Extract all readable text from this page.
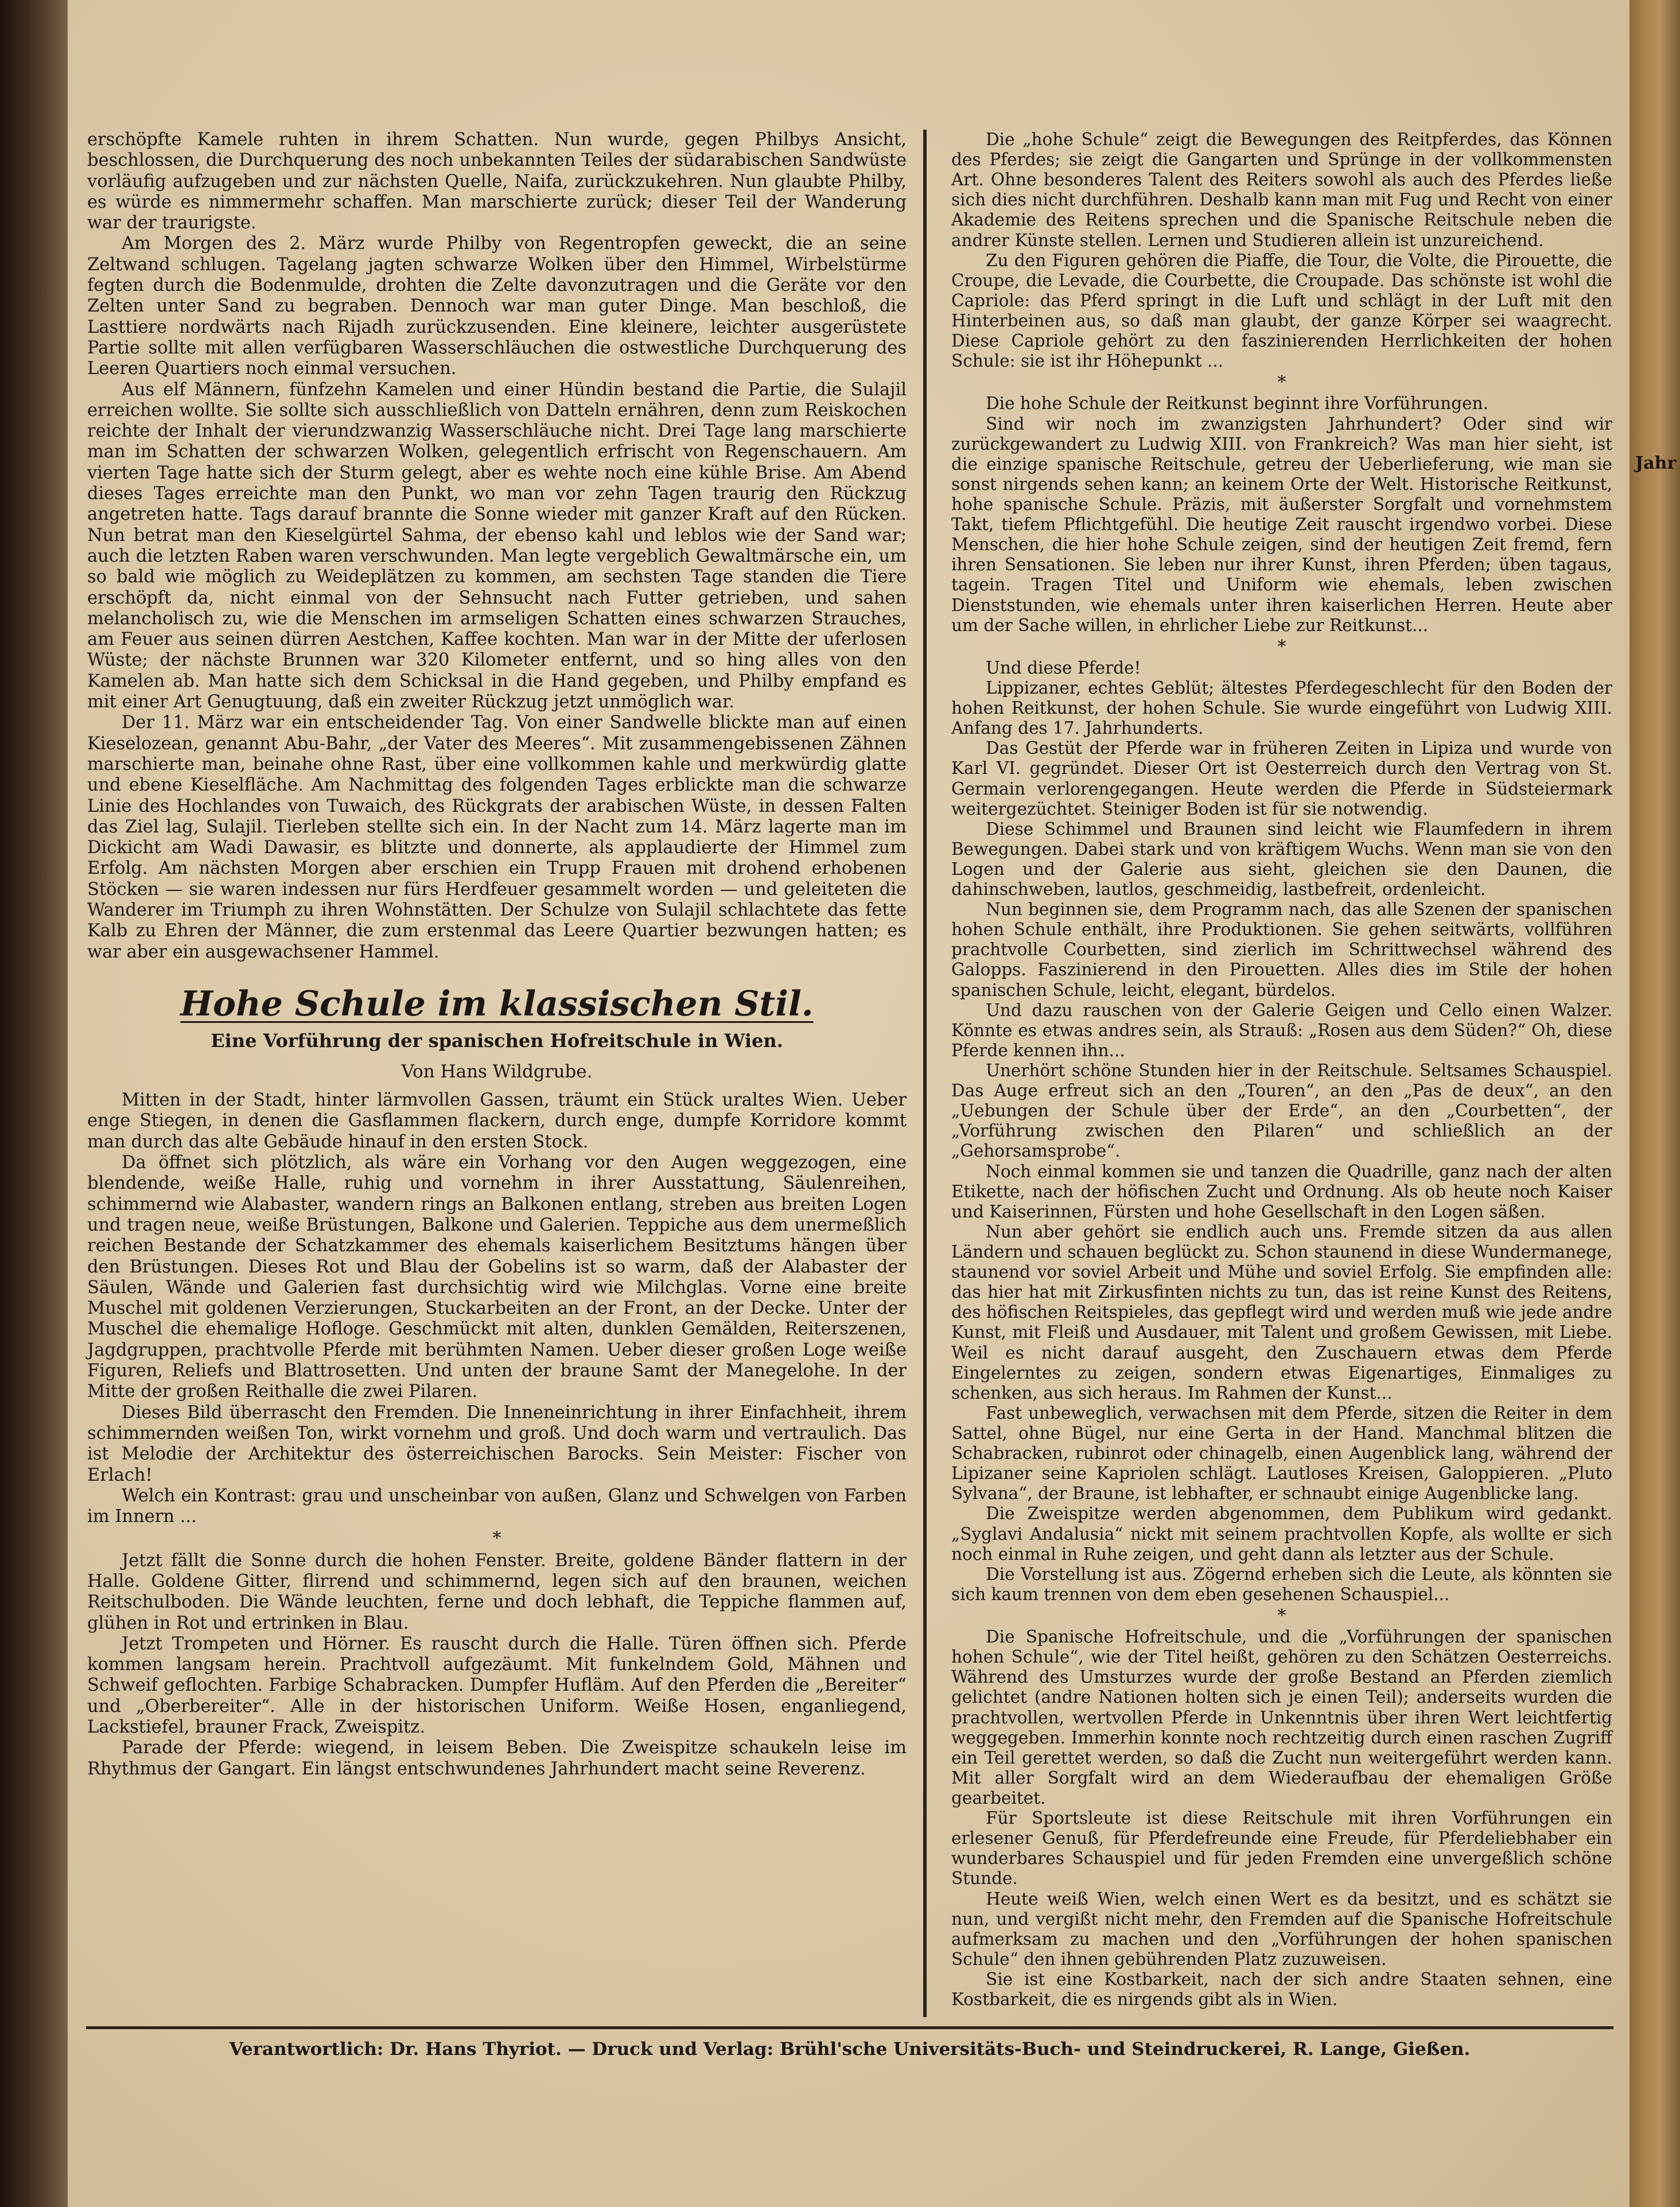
erschöpfte Kamele ruhten in ihrem Schatten. Nun wurde, gegen Philbys Ansicht, beschlossen, die Durchquerung des noch unbekannten Teiles der südarabischen Sandwüste vorläufig aufzugeben und zur nächsten Quelle, Naifa, zurückzukehren. Nun glaubte Philby, es würde es nimmermehr schaffen. Man marschierte zurück; dieser Teil der Wanderung war der traurigste.

Am Morgen des 2. März wurde Philby von Regentropfen geweckt, die an seine Zeltwand schlugen. Tagelang jagten schwarze Wolken über den Himmel, Wirbelstürme fegten durch die Bodenmulde, drohten die Zelte davonzutragen und die Geräte vor den Zelten unter Sand zu begraben. Dennoch war man guter Dinge. Man beschloß, die Lasttiere nordwärts nach Rijadh zurückzusenden. Eine kleinere, leichter ausgerüstete Partie sollte mit allen verfügbaren Wasserschläuchen die ostwestliche Durchquerung des Leeren Quartiers noch einmal versuchen.

Aus elf Männern, fünfzehn Kamelen und einer Hündin bestand die Partie, die Sulajil erreichen wollte. Sie sollte sich ausschließlich von Datteln ernähren, denn zum Reiskochen reichte der Inhalt der vierundzwanzig Wasserschläuche nicht. Drei Tage lang marschierte man im Schatten der schwarzen Wolken, gelegentlich erfrischt von Regenschauern. Am vierten Tage hatte sich der Sturm gelegt, aber es wehte noch eine kühle Brise. Am Abend dieses Tages erreichte man den Punkt, wo man vor zehn Tagen traurig den Rückzug angetreten hatte. Tags darauf brannte die Sonne wieder mit ganzer Kraft auf den Rücken. Nun betrat man den Kieselgürtel Sahma, der ebenso kahl und leblos wie der Sand war; auch die letzten Raben waren verschwunden. Man legte vergeblich Gewaltmärsche ein, um so bald wie möglich zu Weideplätzen zu kommen, am sechsten Tage standen die Tiere erschöpft da, nicht einmal von der Sehnsucht nach Futter getrieben, und sahen melancholisch zu, wie die Menschen im armseligen Schatten eines schwarzen Strauches, am Feuer aus seinen dürren Aestchen, Kaffee kochten. Man war in der Mitte der uferlosen Wüste; der nächste Brunnen war 320 Kilometer entfernt, und so hing alles von den Kamelen ab. Man hatte sich dem Schicksal in die Hand gegeben, und Philby empfand es mit einer Art Genugtuung, daß ein zweiter Rückzug jetzt unmöglich war.

Der 11. März war ein entscheidender Tag. Von einer Sandwelle blickte man auf einen Kieselozean, genannt Abu-Bahr, „der Vater des Meeres“. Mit zusammengebissenen Zähnen marschierte man, beinahe ohne Rast, über eine vollkommen kahle und merkwürdig glatte und ebene Kieselfläche. Am Nachmittag des folgenden Tages erblickte man die schwarze Linie des Hochlandes von Tuwaich, des Rückgrats der arabischen Wüste, in dessen Falten das Ziel lag, Sulajil. Tierleben stellte sich ein. In der Nacht zum 14. März lagerte man im Dickicht am Wadi Dawasir, es blitzte und donnerte, als applaudierte der Himmel zum Erfolg. Am nächsten Morgen aber erschien ein Trupp Frauen mit drohend erhobenen Stöcken — sie waren indessen nur fürs Herdfeuer gesammelt worden — und geleiteten die Wanderer im Triumph zu ihren Wohnstätten. Der Schulze von Sulajil schlachtete das fette Kalb zu Ehren der Männer, die zum erstenmal das Leere Quartier bezwungen hatten; es war aber ein ausgewachsener Hammel.

Hohe Schule im klassischen Stil.
Eine Vorführung der spanischen Hofreitschule in Wien.
Von Hans Wildgrube.

Mitten in der Stadt, hinter lärmvollen Gassen, träumt ein Stück uraltes Wien. Ueber enge Stiegen, in denen die Gasflammen flackern, durch enge, dumpfe Korridore kommt man durch das alte Gebäude hinauf in den ersten Stock.

Da öffnet sich plötzlich, als wäre ein Vorhang vor den Augen weggezogen, eine blendende, weiße Halle, ruhig und vornehm in ihrer Ausstattung, Säulenreihen, schimmernd wie Alabaster, wandern rings an Balkonen entlang, streben aus breiten Logen und tragen neue, weiße Brüstungen, Balkone und Galerien. Teppiche aus dem unermeßlich reichen Bestande der Schatzkammer des ehemals kaiserlichem Besitztums hängen über den Brüstungen. Dieses Rot und Blau der Gobelins ist so warm, daß der Alabaster der Säulen, Wände und Galerien fast durchsichtig wird wie Milchglas. Vorne eine breite Muschel mit goldenen Verzierungen, Stuckarbeiten an der Front, an der Decke. Unter der Muschel die ehemalige Hofloge. Geschmückt mit alten, dunklen Gemälden, Reiterszenen, Jagdgruppen, prachtvolle Pferde mit berühmten Namen. Ueber dieser großen Loge weiße Figuren, Reliefs und Blattrosetten. Und unten der braune Samt der Manegelohe. In der Mitte der großen Reithalle die zwei Pilaren.

Dieses Bild überrascht den Fremden. Die Inneneinrichtung in ihrer Einfachheit, ihrem schimmernden weißen Ton, wirkt vornehm und groß. Und doch warm und vertraulich. Das ist Melodie der Architektur des österreichischen Barocks. Sein Meister: Fischer von Erlach!

Welch ein Kontrast: grau und unscheinbar von außen, Glanz und Schwelgen von Farben im Innern ...

*

Jetzt fällt die Sonne durch die hohen Fenster. Breite, goldene Bänder flattern in der Halle. Goldene Gitter, flirrend und schimmernd, legen sich auf den braunen, weichen Reitschulboden. Die Wände leuchten, ferne und doch lebhaft, die Teppiche flammen auf, glühen in Rot und ertrinken in Blau.

Jetzt Trompeten und Hörner. Es rauscht durch die Halle. Türen öffnen sich. Pferde kommen langsam herein. Prachtvoll aufgezäumt. Mit funkelndem Gold, Mähnen und Schweif geflochten. Farbige Schabracken. Dumpfer Hufläm. Auf den Pferden die „Bereiter“ und „Oberbereiter“. Alle in der historischen Uniform. Weiße Hosen, enganliegend, Lackstiefel, brauner Frack, Zweispitz.

Parade der Pferde: wiegend, in leisem Beben. Die Zweispitze schaukeln leise im Rhythmus der Gangart. Ein längst entschwundenes Jahrhundert macht seine Reverenz.

Die „hohe Schule“ zeigt die Bewegungen des Reitpferdes, das Können des Pferdes; sie zeigt die Gangarten und Sprünge in der vollkommensten Art. Ohne besonderes Talent des Reiters sowohl als auch des Pferdes ließe sich dies nicht durchführen. Deshalb kann man mit Fug und Recht von einer Akademie des Reitens sprechen und die Spanische Reitschule neben die andrer Künste stellen. Lernen und Studieren allein ist unzureichend.

Zu den Figuren gehören die Piaffe, die Tour, die Volte, die Pirouette, die Croupe, die Levade, die Courbette, die Croupade. Das schönste ist wohl die Capriole: das Pferd springt in die Luft und schlägt in der Luft mit den Hinterbeinen aus, so daß man glaubt, der ganze Körper sei waagrecht. Diese Capriole gehört zu den faszinierenden Herrlichkeiten der hohen Schule: sie ist ihr Höhepunkt ...

*

Die hohe Schule der Reitkunst beginnt ihre Vorführungen.

Sind wir noch im zwanzigsten Jahrhundert? Oder sind wir zurückgewandert zu Ludwig XIII. von Frankreich? Was man hier sieht, ist die einzige spanische Reitschule, getreu der Ueberlieferung, wie man sie sonst nirgends sehen kann; an keinem Orte der Welt. Historische Reitkunst, hohe spanische Schule. Präzis, mit äußerster Sorgfalt und vornehmstem Takt, tiefem Pflichtgefühl. Die heutige Zeit rauscht irgendwo vorbei. Diese Menschen, die hier hohe Schule zeigen, sind der heutigen Zeit fremd, fern ihren Sensationen. Sie leben nur ihrer Kunst, ihren Pferden; üben tagaus, tagein. Tragen Titel und Uniform wie ehemals, leben zwischen Dienststunden, wie ehemals unter ihren kaiserlichen Herren. Heute aber um der Sache willen, in ehrlicher Liebe zur Reitkunst...

*

Und diese Pferde!

Lippizaner, echtes Geblüt; ältestes Pferdegeschlecht für den Boden der hohen Reitkunst, der hohen Schule. Sie wurde eingeführt von Ludwig XIII. Anfang des 17. Jahrhunderts.

Das Gestüt der Pferde war in früheren Zeiten in Lipiza und wurde von Karl VI. gegründet. Dieser Ort ist Oesterreich durch den Vertrag von St. Germain verlorengegangen. Heute werden die Pferde in Südsteiermark weitergezüchtet. Steiniger Boden ist für sie notwendig.

Diese Schimmel und Braunen sind leicht wie Flaumfedern in ihrem Bewegungen. Dabei stark und von kräftigem Wuchs. Wenn man sie von den Logen und der Galerie aus sieht, gleichen sie den Daunen, die dahinschweben, lautlos, geschmeidig, lastbefreit, ordenleicht.

Nun beginnen sie, dem Programm nach, das alle Szenen der spanischen hohen Schule enthält, ihre Produktionen. Sie gehen seitwärts, vollführen prachtvolle Courbetten, sind zierlich im Schrittwechsel während des Galopps. Faszinierend in den Pirouetten. Alles dies im Stile der hohen spanischen Schule, leicht, elegant, bürdelos.

Und dazu rauschen von der Galerie Geigen und Cello einen Walzer. Könnte es etwas andres sein, als Strauß: „Rosen aus dem Süden?“ Oh, diese Pferde kennen ihn...

Unerhört schöne Stunden hier in der Reitschule. Seltsames Schauspiel. Das Auge erfreut sich an den „Touren“, an den „Pas de deux“, an den „Uebungen der Schule über der Erde“, an den „Courbetten“, der „Vorführung zwischen den Pilaren“ und schließlich an der „Gehorsamsprobe“.

Noch einmal kommen sie und tanzen die Quadrille, ganz nach der alten Etikette, nach der höfischen Zucht und Ordnung. Als ob heute noch Kaiser und Kaiserinnen, Fürsten und hohe Gesellschaft in den Logen säßen.

Nun aber gehört sie endlich auch uns. Fremde sitzen da aus allen Ländern und schauen beglückt zu. Schon staunend in diese Wundermanege, staunend vor soviel Arbeit und Mühe und soviel Erfolg. Sie empfinden alle: das hier hat mit Zirkusfinten nichts zu tun, das ist reine Kunst des Reitens, des höfischen Reitspieles, das gepflegt wird und werden muß wie jede andre Kunst, mit Fleiß und Ausdauer, mit Talent und großem Gewissen, mit Liebe. Weil es nicht darauf ausgeht, den Zuschauern etwas dem Pferde Eingelerntes zu zeigen, sondern etwas Eigenartiges, Einmaliges zu schenken, aus sich heraus. Im Rahmen der Kunst...

Fast unbeweglich, verwachsen mit dem Pferde, sitzen die Reiter in dem Sattel, ohne Bügel, nur eine Gerta in der Hand. Manchmal blitzen die Schabracken, rubinrot oder chinagelb, einen Augenblick lang, während der Lipizaner seine Kapriolen schlägt. Lautloses Kreisen, Galoppieren. „Pluto Sylvana“, der Braune, ist lebhafter, er schnaubt einige Augenblicke lang.

Die Zweispitze werden abgenommen, dem Publikum wird gedankt. „Syglavi Andalusia“ nickt mit seinem prachtvollen Kopfe, als wollte er sich noch einmal in Ruhe zeigen, und geht dann als letzter aus der Schule.

Die Vorstellung ist aus. Zögernd erheben sich die Leute, als könnten sie sich kaum trennen von dem eben gesehenen Schauspiel...

*

Die Spanische Hofreitschule, und die „Vorführungen der spanischen hohen Schule“, wie der Titel heißt, gehören zu den Schätzen Oesterreichs. Während des Umsturzes wurde der große Bestand an Pferden ziemlich gelichtet (andre Nationen holten sich je einen Teil); anderseits wurden die prachtvollen, wertvollen Pferde in Unkenntnis über ihren Wert leichtfertig weggegeben. Immerhin konnte noch rechtzeitig durch einen raschen Zugriff ein Teil gerettet werden, so daß die Zucht nun weitergeführt werden kann. Mit aller Sorgfalt wird an dem Wiederaufbau der ehemaligen Größe gearbeitet.

Für Sportsleute ist diese Reitschule mit ihren Vorführungen ein erlesener Genuß, für Pferdefreunde eine Freude, für Pferdeliebhaber ein wunderbares Schauspiel und für jeden Fremden eine unvergeßlich schöne Stunde.

Heute weiß Wien, welch einen Wert es da besitzt, und es schätzt sie nun, und vergißt nicht mehr, den Fremden auf die Spanische Hofreitschule aufmerksam zu machen und den „Vorführungen der hohen spanischen Schule“ den ihnen gebührenden Platz zuzuweisen.

Sie ist eine Kostbarkeit, nach der sich andre Staaten sehnen, eine Kostbarkeit, die es nirgends gibt als in Wien.

Verantwortlich: Dr. Hans Thyriot. — Druck und Verlag: Brühl'sche Universitäts-Buch- und Steindruckerei, R. Lange, Gießen.
Jahr
